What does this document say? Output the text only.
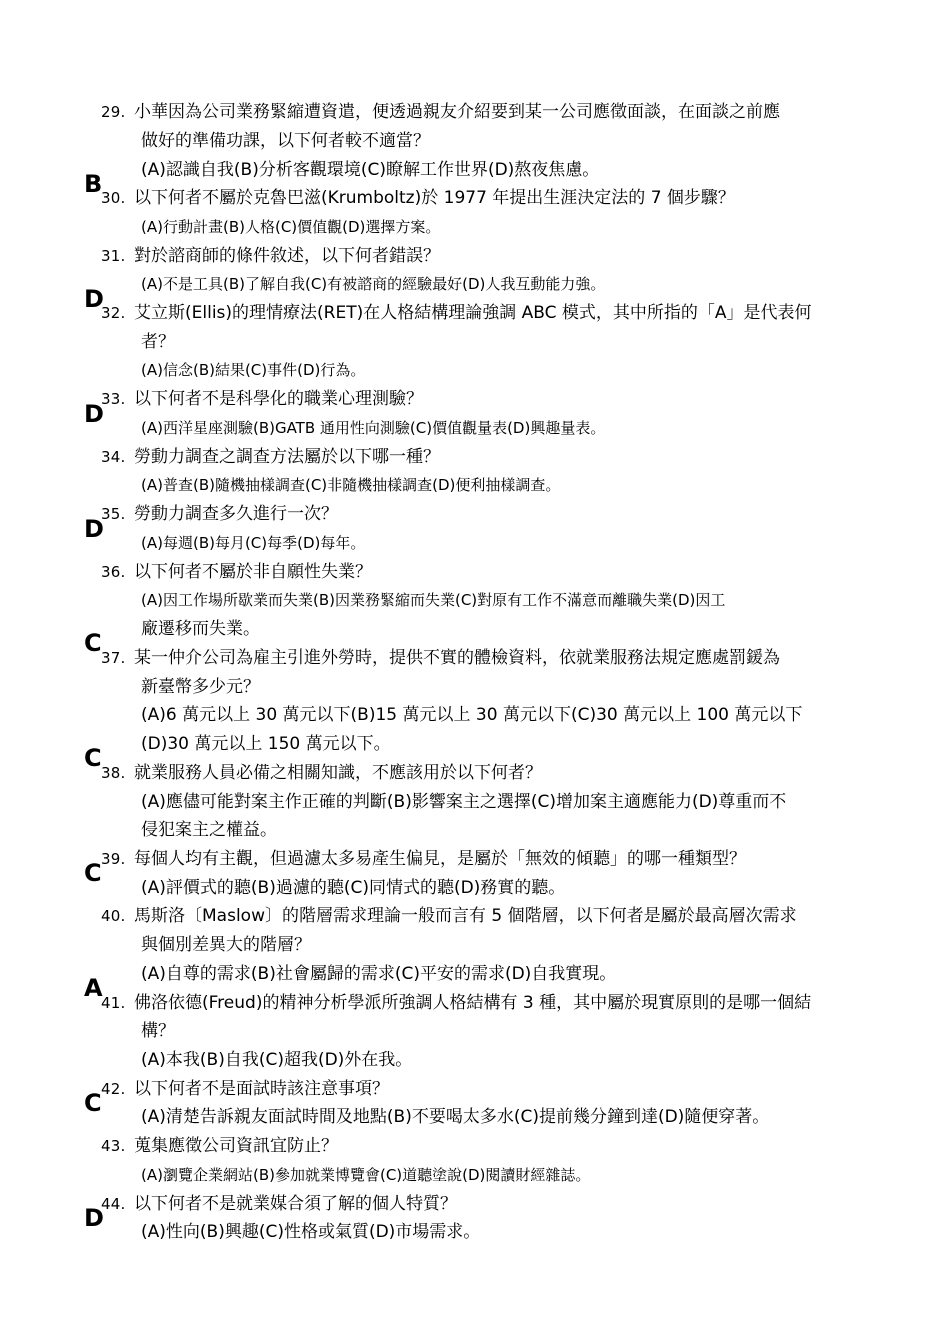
29. 小華因為公司業務緊縮遭資遣，便透過親友介紹要到某一公司應徵面談，在面談之前應
做好的準備功課，以下何者較不適當？
(A)認識自我(B)分析客觀環境(C)瞭解工作世界(D)熬夜焦慮。
B
30. 以下何者不屬於克魯巴滋(Krumboltz)於 1977 年提出生涯決定法的 7 個步驟？
(A)行動計畫(B)人格(C)價值觀(D)選擇方案。
31. 對於諮商師的條件敘述，以下何者錯誤？
(A)不是工具(B)了解自我(C)有被諮商的經驗最好(D)人我互動能力強。
D
32. 艾立斯(Ellis)的理情療法(RET)在人格結構理論強調 ABC 模式，其中所指的「A」是代表何
者？
(A)信念(B)結果(C)事件(D)行為。
33. 以下何者不是科學化的職業心理測驗？
(A)西洋星座測驗(B)GATB 通用性向測驗(C)價值觀量表(D)興趣量表。
D
34. 勞動力調查之調查方法屬於以下哪一種？
(A)普查(B)隨機抽樣調查(C)非隨機抽樣調查(D)便利抽樣調查。
35. 勞動力調查多久進行一次？
(A)每週(B)每月(C)每季(D)每年。
D
36. 以下何者不屬於非自願性失業？
(A)因工作場所歇業而失業(B)因業務緊縮而失業(C)對原有工作不滿意而離職失業(D)因工
廠遷移而失業。
37. 某一仲介公司為雇主引進外勞時，提供不實的體檢資料，依就業服務法規定應處罰鍰為
新臺幣多少元？
(A)6 萬元以上 30 萬元以下(B)15 萬元以上 30 萬元以下(C)30 萬元以上 100 萬元以下
(D)30 萬元以上 150 萬元以下。
C
38. 就業服務人員必備之相關知識，不應該用於以下何者？
(A)應儘可能對案主作正確的判斷(B)影響案主之選擇(C)增加案主適應能力(D)尊重而不
侵犯案主之權益。
C
39. 每個人均有主觀，但過濾太多易產生偏見，是屬於「無效的傾聽」的哪一種類型？
(A)評價式的聽(B)過濾的聽(C)同情式的聽(D)務實的聽。
C
40. 馬斯洛〔Maslow〕的階層需求理論一般而言有 5 個階層，以下何者是屬於最高層次需求
與個別差異大的階層？
(A)自尊的需求(B)社會屬歸的需求(C)平安的需求(D)自我實現。
41. 佛洛依德(Freud)的精神分析學派所強調人格結構有 3 種，其中屬於現實原則的是哪一個結
構？
(A)本我(B)自我(C)超我(D)外在我。
A
42. 以下何者不是面試時該注意事項？
(A)清楚告訴親友面試時間及地點(B)不要喝太多水(C)提前幾分鐘到達(D)隨便穿著。
C
43. 蒐集應徵公司資訊宜防止？
(A)瀏覽企業網站(B)參加就業博覽會(C)道聽塗說(D)閱讀財經雜誌。
44. 以下何者不是就業媒合須了解的個人特質？
(A)性向(B)興趣(C)性格或氣質(D)市場需求。
D
